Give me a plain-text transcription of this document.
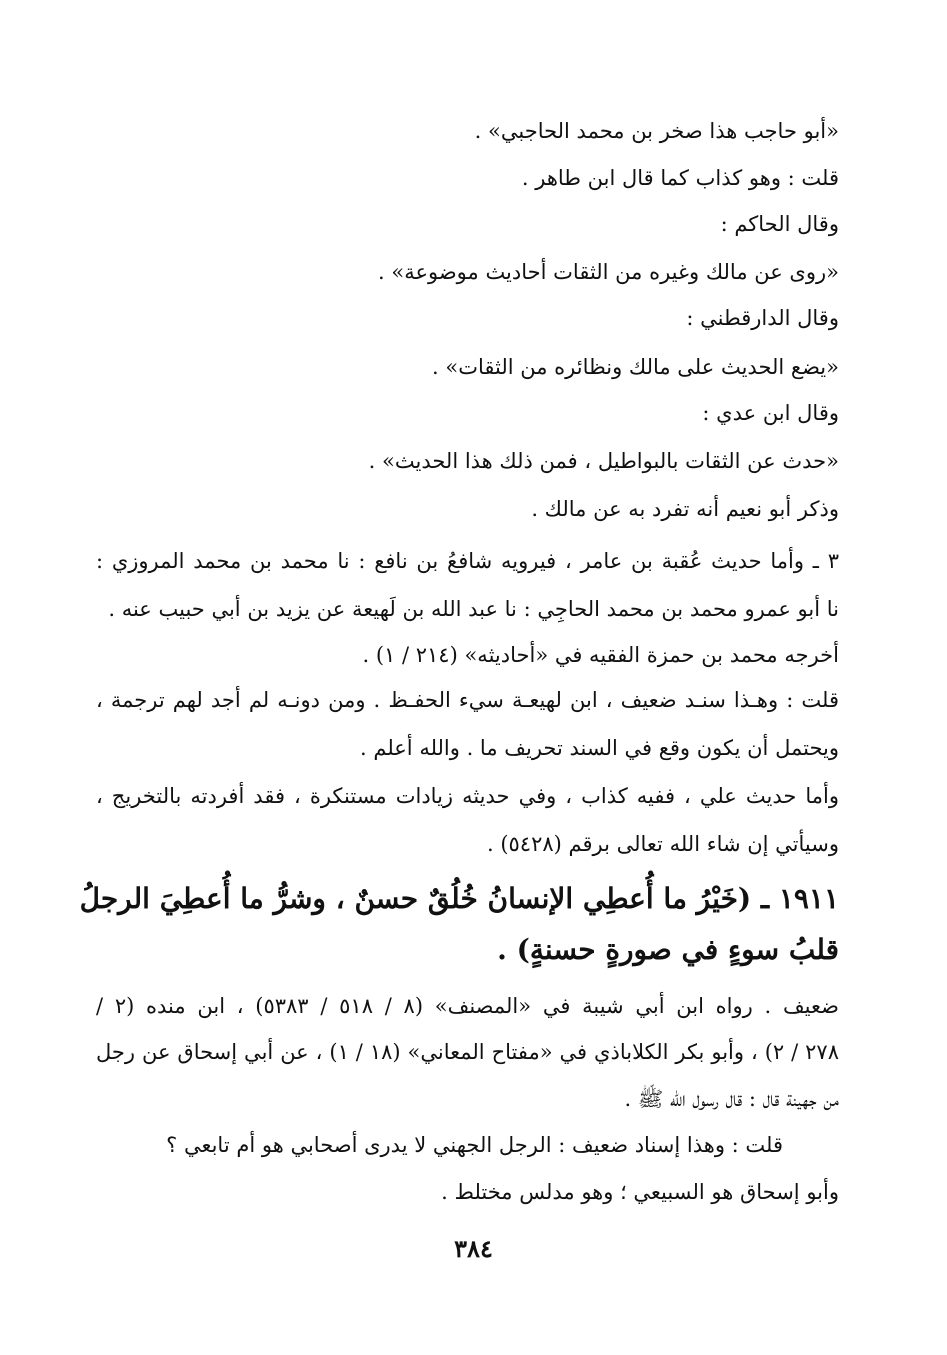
«أبو حاجب هذا صخر بن محمد الحاجبي» .
قلت : وهو كذاب كما قال ابن طاهر .
وقال الحاكم :
«روى عن مالك وغيره من الثقات أحاديث موضوعة» .
وقال الدارقطني :
«يضع الحديث على مالك ونظائره من الثقات» .
وقال ابن عدي :
«حدث عن الثقات بالبواطيل ، فمن ذلك هذا الحديث» .
وذكر أبو نعيم أنه تفرد به عن مالك .
٣ ـ وأما حديث عُقبة بن عامر ، فيرويه شافعُ بن نافع : نا محمد بن محمد المروزي :
نا أبو عمرو محمد بن محمد الحاجِي : نا عبد الله بن لَهيعة عن يزيد بن أبي حبيب عنه .
أخرجه محمد بن حمزة الفقيه في «أحاديثه» (٢١٤ / ١) .
قلت : وهـذا سنـد ضعيف ، ابن لهيعـة سيء الحفـظ . ومن دونـه لم أجد لهم ترجمة ،
ويحتمل أن يكون وقع في السند تحريف ما . والله أعلم .
وأما حديث علي ، ففيه كذاب ، وفي حديثه زيادات مستنكرة ، فقد أفردته بالتخريج ،
وسيأتي إن شاء الله تعالى برقم (٥٤٢٨) .
١٩١١ ـ (خَيْرُ ما أُعطِي الإنسانُ خُلُقٌ حسنٌ ، وشرُّ ما أُعطِيَ الرجلُ
قلبُ سوءٍ في صورةٍ حسنةٍ) .
ضعيف . رواه ابن أبي شيبة في «المصنف» (٨ / ٥١٨ / ٥٣٨٣) ، ابن منده (٢ /
٢٧٨ / ٢) ، وأبو بكر الكلاباذي في «مفتاح المعاني» (١٨ / ١) ، عن أبي إسحاق عن رجل
من جهينة قال : قال رسول الله ﷺ .
قلت : وهذا إسناد ضعيف : الرجل الجهني لا يدرى أصحابي هو أم تابعي ؟
وأبو إسحاق هو السبيعي ؛ وهو مدلس مختلط .
٣٨٤
